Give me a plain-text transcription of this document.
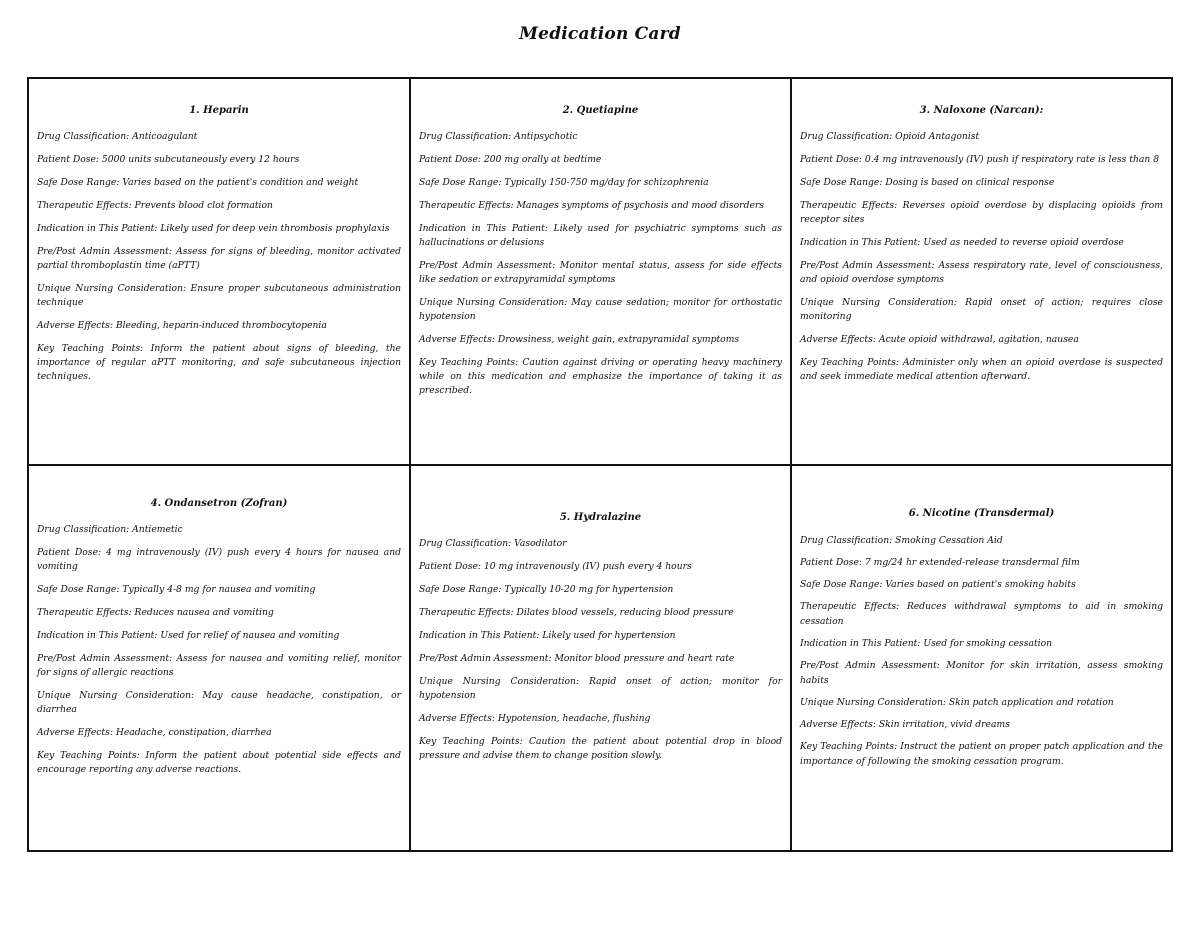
Medication Card
1. Heparin
Drug Classification: Anticoagulant
Patient Dose: 5000 units subcutaneously every 12 hours
Safe Dose Range: Varies based on the patient's condition and weight
Therapeutic Effects: Prevents blood clot formation
Indication in This Patient: Likely used for deep vein thrombosis prophylaxis
Pre/Post Admin Assessment: Assess for signs of bleeding, monitor activated partial thromboplastin time (aPTT)
Unique Nursing Consideration: Ensure proper subcutaneous administration technique
Adverse Effects: Bleeding, heparin-induced thrombocytopenia
Key Teaching Points: Inform the patient about signs of bleeding, the importance of regular aPTT monitoring, and safe subcutaneous injection techniques.
2. Quetiapine
Drug Classification: Antipsychotic
Patient Dose: 200 mg orally at bedtime
Safe Dose Range: Typically 150-750 mg/day for schizophrenia
Therapeutic Effects: Manages symptoms of psychosis and mood disorders
Indication in This Patient: Likely used for psychiatric symptoms such as hallucinations or delusions
Pre/Post Admin Assessment: Monitor mental status, assess for side effects like sedation or extrapyramidal symptoms
Unique Nursing Consideration: May cause sedation; monitor for orthostatic hypotension
Adverse Effects: Drowsiness, weight gain, extrapyramidal symptoms
Key Teaching Points: Caution against driving or operating heavy machinery while on this medication and emphasize the importance of taking it as prescribed.
3. Naloxone (Narcan):
Drug Classification: Opioid Antagonist
Patient Dose: 0.4 mg intravenously (IV) push if respiratory rate is less than 8
Safe Dose Range: Dosing is based on clinical response
Therapeutic Effects: Reverses opioid overdose by displacing opioids from receptor sites
Indication in This Patient: Used as needed to reverse opioid overdose
Pre/Post Admin Assessment: Assess respiratory rate, level of consciousness, and opioid overdose symptoms
Unique Nursing Consideration: Rapid onset of action; requires close monitoring
Adverse Effects: Acute opioid withdrawal, agitation, nausea
Key Teaching Points: Administer only when an opioid overdose is suspected and seek immediate medical attention afterward.
4. Ondansetron (Zofran)
Drug Classification: Antiemetic
Patient Dose: 4 mg intravenously (IV) push every 4 hours for nausea and vomiting
Safe Dose Range: Typically 4-8 mg for nausea and vomiting
Therapeutic Effects: Reduces nausea and vomiting
Indication in This Patient: Used for relief of nausea and vomiting
Pre/Post Admin Assessment: Assess for nausea and vomiting relief, monitor for signs of allergic reactions
Unique Nursing Consideration: May cause headache, constipation, or diarrhea
Adverse Effects: Headache, constipation, diarrhea
Key Teaching Points: Inform the patient about potential side effects and encourage reporting any adverse reactions.
5. Hydralazine
Drug Classification: Vasodilator
Patient Dose: 10 mg intravenously (IV) push every 4 hours
Safe Dose Range: Typically 10-20 mg for hypertension
Therapeutic Effects: Dilates blood vessels, reducing blood pressure
Indication in This Patient: Likely used for hypertension
Pre/Post Admin Assessment: Monitor blood pressure and heart rate
Unique Nursing Consideration: Rapid onset of action; monitor for hypotension
Adverse Effects: Hypotension, headache, flushing
Key Teaching Points: Caution the patient about potential drop in blood pressure and advise them to change position slowly.
6. Nicotine (Transdermal)
Drug Classification: Smoking Cessation Aid
Patient Dose: 7 mg/24 hr extended-release transdermal film
Safe Dose Range: Varies based on patient's smoking habits
Therapeutic Effects: Reduces withdrawal symptoms to aid in smoking cessation
Indication in This Patient: Used for smoking cessation
Pre/Post Admin Assessment: Monitor for skin irritation, assess smoking habits
Unique Nursing Consideration: Skin patch application and rotation
Adverse Effects: Skin irritation, vivid dreams
Key Teaching Points: Instruct the patient on proper patch application and the importance of following the smoking cessation program.
